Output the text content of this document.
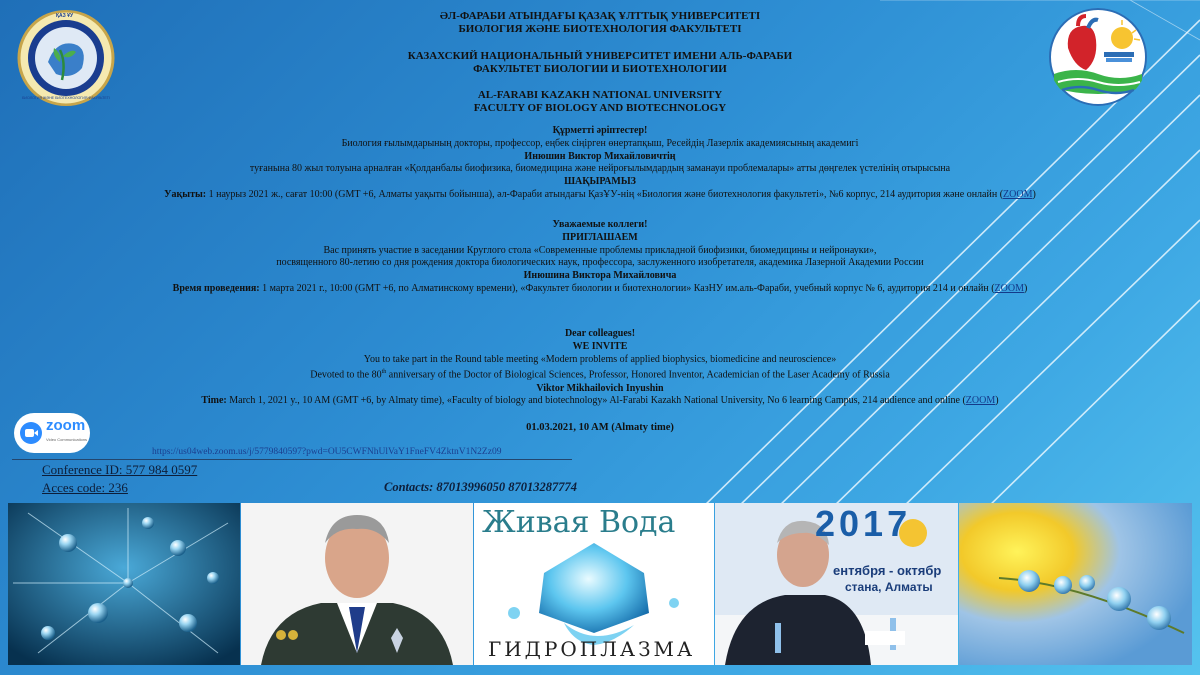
ҚАЗ ҰУ
БИОЛОГИЯ ЖӘНЕ БИОТЕХНОЛОГИЯ ФАКУЛЬТЕТІ
ӘЛ-ФАРАБИ АТЫНДАҒЫ ҚАЗАҚ ҰЛТТЫҚ УНИВЕРСИТЕТІ
БИОЛОГИЯ ЖӘНЕ БИОТЕХНОЛОГИЯ ФАКУЛЬТЕТІ
КАЗАХСКИЙ НАЦИОНАЛЬНЫЙ УНИВЕРСИТЕТ ИМЕНИ АЛЬ-ФАРАБИ
ФАКУЛЬТЕТ БИОЛОГИИ И БИОТЕХНОЛОГИИ
AL-FARABI KAZAKH NATIONAL UNIVERSITY
FACULTY OF BIOLOGY AND BIOTECHNOLOGY
Құрметті әріптестер!
Биология ғылымдарының докторы, профессор, еңбек сіңірген өнертапқыш, Ресейдің Лазерлік академиясының академигі
Инюшин Виктор Михайловичтің
туғанына 80 жыл толуына арналған «Қолданбалы биофизика, биомедицина және нейроғылымдардың заманауи проблемалары» атты дөңгелек үстелінің отырысына
ШАҚЫРАМЫЗ
Уақыты: 1 наурыз 2021 ж., сағат 10:00 (GMT +6, Алматы уақыты бойынша), әл-Фараби атындағы ҚазҰУ-нің «Биология және биотехнология факультеті», №6 корпус, 214 аудитория және онлайн (ZOOM)
Уважаемые коллеги!
ПРИГЛАШАЕМ
Вас принять участие в заседании Круглого стола «Современные проблемы прикладной биофизики, биомедицины и нейронауки»,
посвященного 80-летию со дня рождения доктора биологических наук, профессора, заслуженного изобретателя, академика Лазерной Академии России
Инюшина Виктора Михайловича
Время проведения: 1 марта 2021 г., 10:00 (GMT +6, по Алматинскому времени), «Факультет биологии и биотехнологии» КазНУ им.аль-Фараби, учебный корпус № 6, аудитория 214 и онлайн (ZOOM)
Dear colleagues!
WE INVITE
You to take part in the Round table meeting «Modern problems of applied biophysics, biomedicine and neuroscience»
Devoted to the 80th anniversary of the Doctor of Biological Sciences, Professor, Honored Inventor, Academician of the Laser Academy of Russia
Viktor Mikhailovich Inyushin
Time: March 1, 2021 y., 10 AM (GMT +6, by Almaty time), «Faculty of biology and biotechnology» Al-Farabi Kazakh National University, No 6 learning Campus, 214 audience and online (ZOOM)
01.03.2021, 10 AM (Almaty time)
zoom
Video Communications
https://us04web.zoom.us/j/5779840597?pwd=OU5CWFNhUlVaY1FneFV4ZktnV1N2Zz09
Conference ID: 577 984 0597
Acces code: 236	Contacts: 87013996050 87013287774
Живая Вода
ГИДРОПЛАЗМА
2017
ентября - октябр
стана, Алматы
